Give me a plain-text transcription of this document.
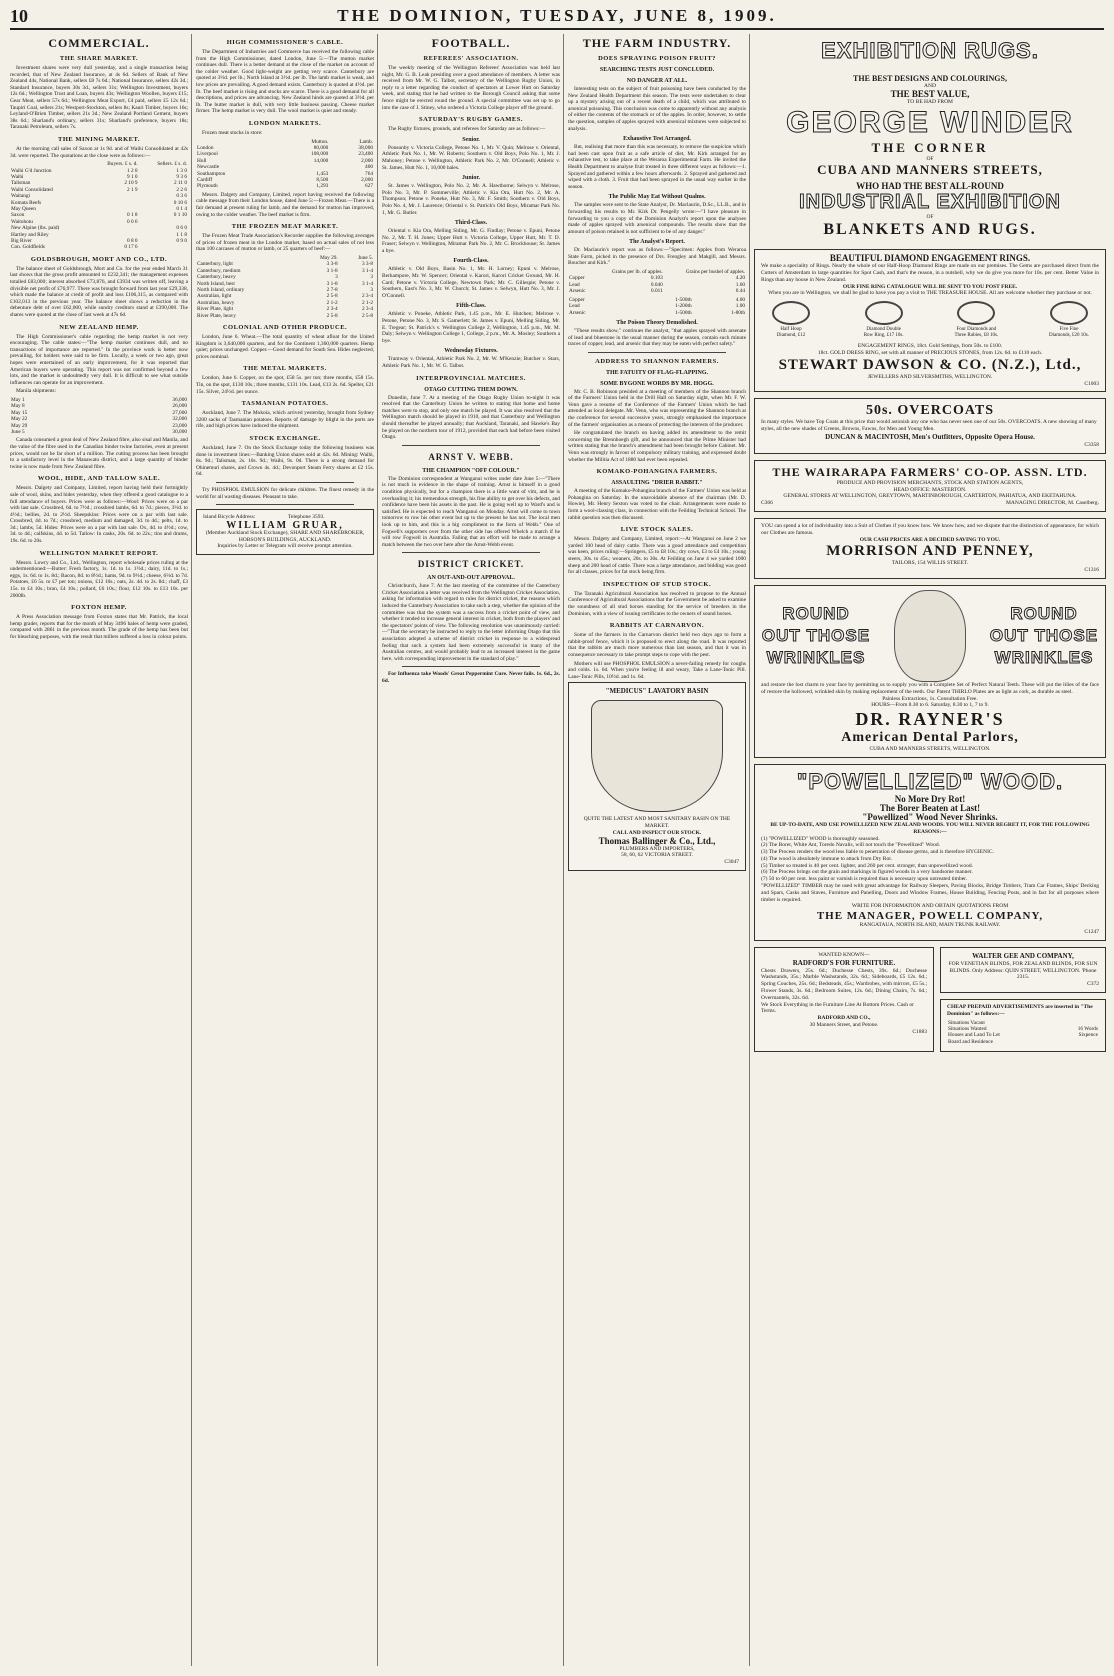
10	THE DOMINION, TUESDAY, JUNE 8, 1909.
COMMERCIAL.
THE SHARE MARKET.

Investment shares were very dull yesterday, and a single transaction being recorded, that of New Zealand Insurance, at 4s 6d. Sellers of Bank of New Zealand 44s, National Bank, sellers £8 7s 6d.; National Insurance, sellers 42s 3d.; Standard Insurance, buyers 30s 3d., sellers 31s; Wellington Investment, buyers 12s 6d.; Wellington Trust and Loan, buyers 43s; Wellington Woollen, buyers £15; Gear Meat, sellers 57s 6d.; Wellington Meat Export, £4 paid, sellers £5 12s 6d.; Taupiri Coal, sellers 21s; Westport-Stockton, sellers 8s; Kauri Timber, buyers 16s; Leyland-O'Brien Timber, sellers 21s 3d.; New Zealand Portland Cement, buyers 38s 6d.; Sharland's ordinary, sellers 31s; Sharland's preference, buyers 18s; Taranaki Petroleum, sellers 7s.

THE MINING MARKET.

At the morning call sales of Saxon at 1s 9d. and of Waihi Consolidated at 42s 3d. were reported. The quotations at the close were as follows:—

	Buyers. £ s. d.	Sellers. £ s. d.
Waihi G'd Junction	1 2 0	1 3 0
Waihi	9 1 0	9 3 6
Talisman	2 10 9	2 11 0
Waihi Consolidated	2 1 9	2 2 6
Waitangi		0 3 6
Komata Reefs		0 10 6
May Queen		0 1 4
Saxon	0 1 8	0 1 10
Waitohotu	0 0 6	
New Alpine (lbs. paid)		0 6 0
Hartley and Riley		1 1 8
Big River	0 8 0	0 9 0
Con. Goldfields	0 17 6	
GOLDSBROUGH, MORT AND CO., LTD.

The balance sheet of Goldsbrough, Mort and Co. for the year ended March 31 last shows that the gross profit amounted to £232,341; the management expenses totalled £83,000; interest absorbed £73,876, and £3934 was written off, leaving a divisible net profit of £76,977. There was brought forward from last year £29,338, which made the balance at credit of profit and loss £106,315, as compared with £102,013 in the previous year. The balance sheet shows a reduction in the debenture debt of over £62,000, while sundry creditors stand at £390,000. The shares were quoted at the close of last week at 47s 6d.

NEW ZEALAND HEMP.

The High Commissioner's cable regarding the hemp market is not very encouraging. The cable states:—"The hemp market continues dull, and no transactions of importance are reported." In the province work is better now prevailing, for holders were said to be firm. Locally, a week or two ago, great hopes were entertained of an early improvement, for it was reported that American buyers were operating. This report was not confirmed beyond a few lots, and the market is undoubtedly very dull. It is difficult to see what outside influences can operate for an improvement.

Manila shipments:

May 1	36,000
May 8	26,000
May 15	27,000
May 22	32,000
May 29	23,000
June 5	30,000

Canada consumed a great deal of New Zealand fibre, also sisal and Manila, and the value of the fibre used in the Canadian binder twine factories, even at present prices, would not be far short of a million. The cutting process has been brought to a satisfactory level in the Manawatu district, and a large quantity of binder twine is now made from New Zealand fibre.

WOOL, HIDE, AND TALLOW SALE.

Messrs. Dalgety and Company, Limited, report having held their fortnightly sale of wool, skins, and hides yesterday, when they offered a good catalogue to a full attendance of buyers. Prices were as follows:—Wool: Prices were on a par with last sale. Crossbred, 6d. to 7½d.; crossbred lambs, 6d. to 7d.; pieces, 3½d. to 4½d.; bellies, 2d. to 2½d. Sheepskins: Prices were on a par with last sale. Crossbred, 4d. to 7d.; crossbred, medium and damaged, 3d. to 4d.; pelts, 1d. to 3d.; lambs, 5d. Hides: Prices were on a par with last sale. Ox, 4d. to 4½d.; cow, 3d. to 4d.; calfskins, 4d. to 5d. Tallow: In casks, 20s. 6d. to 22s.; tins and drums, 19s. 6d. to 20s.

WELLINGTON MARKET REPORT.

Messrs. Lowry and Co., Ltd., Wellington, report wholesale prices ruling at the undermentioned:—Butter: Fresh factory, 1s. 1d. to 1s. 1½d.; dairy, 11d. to 1s.; eggs, 1s. 6d. to 1s. 8d.; Bacon, 8d. to 8½d.; hams, 9d. to 9½d.; cheese, 6½d. to 7d. Potatoes, £6 5s. to £7 per ton; onions, £12 10s.; oats, 2s. 4d. to 2s. 8d.; chaff, £3 15s. to £4 10s.; bran, £4 10s.; pollard, £6 10s.; flour, £12 10s. to £13 10s. per 2000lb.

FOXTON HEMP.

A Press Association message from Foxton states that Mr. Patrick, the local hemp grader, reports that for the month of May 3496 bales of hemp were graded, compared with 2861 in the previous month. The grade of the hemp has been but for bleaching purposes, with the result that millers suffered a loss in colour points.

HIGH COMMISSIONER'S CABLE.

The Department of Industries and Commerce has received the following cable from the High Commissioner, dated London, June 5:—The mutton market continues dull. There is a better demand at the close of the market on account of the colder weather. Good light-weight are getting very scarce. Canterbury are quoted at 3½d. per lb.; North Island at 3½d. per lb. The lamb market is weak, and low prices are prevailing. A good demand exists. Canterbury is quoted at 4½d. per lb. The beef market is rising and stocks are scarce. There is a good demand for all descriptions, and prices are advancing. New Zealand hinds are quoted at 3½d. per lb. The butter market is dull, with very little business passing. Cheese market firmer. The hemp market is very dull. The wool market is quiet and steady.

LONDON MARKETS.

Frozen meat stocks in store:

	Mutton.	Lamb.
London	80,000	38,000
Liverpool	108,000	23,400
Hull	14,000	2,000
Newcastle		400
Southampton	1,453	764
Cardiff	8,500	2,000
Plymouth	1,293	627

Messrs. Dalgety and Company, Limited, report having received the following cable message from their London house, dated June 5:—Frozen Meat.—There is a fair demand at present ruling for lamb, and the demand for mutton has improved, owing to the colder weather. The beef market is firm.

THE FROZEN MEAT MARKET.

The Frozen Meat Trade Association's Recorder supplies the following averages of prices of frozen meat in the London market, based on actual sales of not less than 100 carcases of mutton or lamb, or 25 quarters of beef:—

	May 29.	June 5.
Canterbury, light	3 3-8	3 3-8
Canterbury, medium	3 1-8	3 1-4
Canterbury, heavy	3	3
North Island, best	3 1-8	3 1-4
North Island, ordinary	2 7-8	3
Australian, light	2 5-8	2 3-4
Australian, heavy	2 1-2	2 1-2
River Plate, light	2 3-4	2 3-4
River Plate, heavy	2 5-8	2 5-8
COLONIAL AND OTHER PRODUCE.

London, June 6. Wheat.—The total quantity of wheat afloat for the United Kingdom is 3,640,000 quarters, and for the Continent 1,360,000 quarters. Hemp quiet; prices unchanged. Copper.—Good demand for South Sea. Hides neglected, prices nominal.

THE METAL MARKETS.

London, June 6. Copper, on the spot, £58 5s. per ton; three months, £58 15s. Tin, on the spot, £130 10s.; three months, £131 10s. Lead, £13 2s. 6d. Spelter, £21 15s. Silver, 24½d. per ounce.

TASMANIAN POTATOES.

Auckland, June 7. The Mokoia, which arrived yesterday, brought from Sydney 3200 sacks of Tasmanian potatoes. Reports of damage by blight in the ports are rife, and high prices have induced the shipment.

STOCK EXCHANGE.

Auckland, June 7. On the Stock Exchange today the following business was done in investment lines:—Banking Union shares sold at 42s. 6d. Mining: Waihi, 8s. 9d.; Talisman, 2s. 10s. 9d.; Waihi, 9s. 0d. There is a strong demand for Ohinemuri shares, and Crown 4s. 4d.; Devonport Steam Ferry shares at £2 15s. 6d.

Try PHOSPHOL EMULSION for delicate children. The finest remedy in the world for all wasting diseases. Pleasant to take.

Island Bicycle Address:	Telephone 3593.
WILLIAM GRUAR,
(Member Auckland Stock Exchange), SHARE AND SHAREBROKER, HOBSON'S BUILDINGS, AUCKLAND.
Inquiries by Letter or Telegram will receive prompt attention.
FOOTBALL.
REFEREES' ASSOCIATION.

The weekly meeting of the Wellington Referees' Association was held last night, Mr. G. B. Leak presiding over a good attendance of members. A letter was received from Mr. W. G. Talbot, secretary of the Wellington Rugby Union, in reply to a letter regarding the conduct of spectators at Lower Hutt on Saturday week, and stating that he had written to the Borough Council asking that some fence might be erected round the ground. A special committee was set up to go into the case of J. Stiney, who ordered a Victoria College player off the ground.

SATURDAY'S RUGBY GAMES.

The Rugby fixtures, grounds, and referees for Saturday are as follows:—

Senior.

Ponsonby v. Victoria College, Petone No. 1, Mr. V. Quin; Melrose v. Oriental, Athletic Park No. 1, Mr. W. Roberts; Southern v. Old Boys, Polo No. 1, Mr. J. Mahoney; Petone v. Wellington, Athletic Park No. 2, Mr. O'Connell; Athletic v. St. James, Hutt No. 1, 10,000 bales.

Junior.

St. James v. Wellington, Polo No. 2, Mr. A. Hawthorne; Selwyn v. Melrose, Polo No. 3, Mr. P. Sommerville; Athletic v. Kia Ora, Hutt No. 2, Mr. A. Thompson; Petone v. Poneke, Hutt No. 3, Mr. F. Smith; Southern v. Old Boys, Polo No. 4, Mr. J. Laurence; Oriental v. St. Patrick's Old Boys, Miramar Park No. 1, Mr. G. Butler.

Third-Class.

Oriental v. Kia Ora, Melling Siding, Mr. G. Findlay; Petone v. Epuni, Petone No. 2, Mr. T. H. Jones; Upper Hutt v. Victoria College, Upper Hutt, Mr. T. D. Fraser; Selwyn v. Wellington, Miramar Park No. 2, Mr. C. Brockhouse; St. James a bye.

Fourth-Class.

Athletic v. Old Boys, Basin No. 1, Mr. H. Lorney; Epuni v. Melrose, Berhampore, Mr. W. Spencer; Oriental v. Karori, Karori Cricket Ground, Mr. H. Card; Petone v. Victoria College, Newtown Park; Mr. C. Gillespie; Petone v. Southern, East's No. 3, Mr. W. Church; St. James v. Selwyn, Hutt No. 3, Mr. J. O'Connell.

Fifth-Class.

Athletic v. Poneke, Athletic Park, 1.45 p.m., Mr. E. Hutchen; Melrose v. Petone, Petone No. 3, Mr. S. Gamerlett; St. James v. Epuni, Melling Siding, Mr. E. Tregear; St. Patrick's v. Wellington College 2, Wellington, 1.45 p.m., Mr. M. Daly; Selwyn v. Wellington College 1, College, 2 p.m., Mr. A. Mosley; Southern a bye.

Wednesday Fixtures.

Tramway v. Oriental, Athletic Park No. 2, Mr. W. M'Kenzie; Butcher v. Stars, Athletic Park No. 1, Mr. W. G. Talbot.

INTERPROVINCIAL MATCHES.
OTAGO CUTTING THEM DOWN.

Dunedin, June 7. At a meeting of the Otago Rugby Union to-night it was resolved that the Canterbury Union be written to stating that home and home matches were to stop, and only one match be played. It was also resolved that the Wellington match should be played in 1910, and that Canterbury and Wellington should thereafter be played annually; that Auckland, Taranaki, and Hawke's Bay be played on the northern tour of 1912, provided that each had before been visited Otago.

ARNST V. WEBB.
THE CHAMPION "OFF COLOUR."

The Dominion correspondent at Wanganui writes under date June 5:—"There is not much in evidence in the shape of training. Arnst is himself in a good condition physically, but for a champion there is a little want of vim, and he is overhauling it; his tremendous strength, his fine ability to get over his defects, and confidence have been his assets in the past. He is going well up to Ward's and is satisfied. He is expected to reach Wanganui on Monday. Arnst will come to town tomorrow to row his other event but up to the present he has not. The local men look up to him, and this is a big compliment to the form of Webb." One of Fogwell's supporters over from the other side has offered Whelch a match if he will row Fogwell in Australia. Failing that an effort will be made to arrange a match between the two over here after the Arnst-Webb event.

DISTRICT CRICKET.
AN OUT-AND-OUT APPROVAL.

Christchurch, June 7. At the last meeting of the committee of the Canterbury Cricket Association a letter was received from the Wellington Cricket Association, asking for information with regard to rules for district cricket, the reasons which induced the Canterbury Association to take such a step, whether the opinion of the committee was that the system was a success from a cricket point of view, and whether it tended to increase general interest in cricket, both from the players' and the spectators' points of view. The following resolution was unanimously carried:—"That the secretary be instructed to reply to the letter informing Otago that this association adopted a scheme of district cricket in response to a widespread feeling that such a system had been extremely successful in many of the Australian centres, and would probably lead to an increased interest in the game here, with corresponding improvement in the standard of play."

For Influenza take Woods' Great Peppermint Cure. Never fails. 1s. 6d., 2s. 6d.

THE FARM INDUSTRY.
DOES SPRAYING POISON FRUIT?
SEARCHING TESTS JUST CONCLUDED.
NO DANGER AT ALL.

Interesting tests on the subject of fruit poisoning have been conducted by the New Zealand Health Department this season. The tests were undertaken to clear up a mystery arising out of a recent death of a child, which was attributed to arsenical poisoning. This conclusion was come to apparently without any analysis of either the contents of the stomach or of the apples. In order, however, to settle the question, samples of apples sprayed with arsenical mixtures were subjected to analysis.

Exhaustive Test Arranged.

But, realising that more than this was necessary, to remove the suspicion which had been cast upon fruit as a safe article of diet, Mr. Kirk arranged for an exhaustive test, to take place at the Weraroa Experimental Farm. He invited the Health Department to analyse fruit treated in three different ways as follows:—1. Sprayed and gathered within a few hours afterwards. 2. Sprayed and gathered and wiped with a cloth. 3. Fruit that had been sprayed in the usual way earlier in the season.

The Public May Eat Without Qualms.

The samples were sent to the State Analyst, Dr. Maclaurin, D.Sc., LL.B., and in forwarding his results to Mr. Kirk Dr. Pengelly wrote:—"I have pleasure in forwarding to you a copy of the Dominion Analyst's report upon the analyses made of apples sprayed with arsenical compounds. The results show that the amount of poison retained is not sufficient to be of any danger."

The Analyst's Report.

Dr. Maclaurin's report was as follows:—"Specimen: Apples from Weraroa State Farm, picked in the presence of Drs. Frengley and Makgill, and Messrs. Boucher and Kirk."

	Grains per lb. of apples.	Grains per bushel of apples.
Copper	0.103	4.20
Lead	0.040	1.60
Arsenic	0.011	0.44
Copper	1-500th	4.00
Lead	1-200th	1.00
Arsenic	1-500th	1-80th
The Poison Theory Demolished.

"These results show," continues the analyst, "that apples sprayed with arsenate of lead and bluestone in the usual manner during the season, contain such minute traces of copper, lead, and arsenic that they may be eaten with perfect safety."

ADDRESS TO SHANNON FARMERS.
THE FATUITY OF FLAG-FLAPPING.
SOME BYGONE WORDS BY MR. HOGG.

Mr. C. B. Robinson presided at a meeting of members of the Shannon branch of the Farmers' Union held in the Drill Hall on Saturday night, when Mr. F. W. Venn gave a resume of the Conference of the Farmers' Union which he had attended as local delegate. Mr. Venn, who was representing the Shannon branch at the conference for several successive years, strongly emphasised the importance of the farmers' organisation as a means of protecting the interests of the producer.

He congratulated the branch on having added its amendment to the remit concerning the Brennhoegh gift, and he announced that the Prime Minister had written stating that the branch's amendment had been brought before Cabinet. Mr. Venn was strongly in favour of compulsory military training, and expressed doubt whether the Militia Act of 1880 had ever been repealed.

KOMAKO-POHANGINA FARMERS.
ASSAULTING "DRIER RABBIT."

A meeting of the Komako-Pohangina branch of the Farmers' Union was held at Pohangina on Saturday. In the unavoidable absence of the chairman (Mr. D. Howie), Mr. Henry Sexton was voted to the chair. Arrangements were made to form a wool-classing class, in connection with the Feilding Technical School. The rabbit question was then discussed.

LIVE STOCK SALES.

Messrs. Dalgety and Company, Limited, report:—At Wanganui on June 2 we yarded 100 head of dairy cattle. There was a good attendance and competition was keen, prices ruling:—Springers, £5 to £8 10s.; dry cows, £3 to £4 10s.; young steers, 30s. to 45s.; weaners, 20s. to 30s. At Feilding on June 4 we yarded 1000 sheep and 200 head of cattle. There was a large attendance, and bidding was good for all classes, prices for fat stock being firm.

INSPECTION OF STUD STOCK.

The Taranaki Agricultural Association has resolved to propose to the Annual Conference of Agricultural Associations that the Government be asked to examine the soundness of all stud horses standing for the service of breeders in the Dominion, with a view of issuing certificates to the owners of sound horses.

RABBITS AT CARNARVON.

Some of the farmers in the Carnarvon district held two days ago to form a rabbit-proof fence, which it is proposed to erect along the road. It was reported that the rabbits are much more numerous than last season, and that it was in consequence necessary to take prompt steps to cope with the pest.

Mothers will use PHOSPHOL EMULSION a never-failing remedy for coughs and colds. 1s. 6d. When you're feeling ill and weary, Take a Lane-Tonic Pill. Lane-Tonic Pills, 10½d. and 1s. 6d.

"MEDICUS" LAVATORY BASIN
QUITE THE LATEST AND MOST SANITARY BASIN ON THE MARKET.
CALL AND INSPECT OUR STOCK.
Thomas Ballinger & Co., Ltd.,
PLUMBERS AND IMPORTERS,
58, 60, 62 VICTORIA STREET.
C3047
EXHIBITION RUGS.
THE BEST DESIGNS AND COLOURINGS,
AND
THE BEST VALUE,
TO BE HAD FROM
GEORGE WINDER
THE CORNER
OF
CUBA AND MANNERS STREETS,
WHO HAD THE BEST ALL-ROUND
INDUSTRIAL EXHIBITION
OF
BLANKETS AND RUGS.
BEAUTIFUL DIAMOND ENGAGEMENT RINGS.
We make a speciality of Rings. Nearly the whole of our Half-Hoop Diamond Rings are made on our premises. The Gems are purchased direct from the Cutters of Amsterdam in large quantities for Spot Cash, and that's the reason, in a nutshell, why we do give you more for 10s. per cent. Better Value in Rings than any house in New Zealand.
OUR FINE RING CATALOGUE WILL BE SENT TO YOU POST FREE.
When you are in Wellington, we shall be glad to have you pay a visit to THE TREASURE HOUSE. All are welcome whether they purchase or not.
Half Hoop
Diamond, £12
Diamond Double
Row Ring, £17 10s.
Four Diamonds and
Three Rubies, £8 10s.
Five Fine
Diamonds, £20 10s.
ENGAGEMENT RINGS, 18ct. Gold Settings, from 50s. to £100.
18ct. GOLD DRESS RING, set with all manner of PRECIOUS STONES, from 12s. 6d. to £110 each.
STEWART DAWSON & CO. (N.Z.), Ltd.,
JEWELLERS AND SILVERSMITHS, WELLINGTON.
C1003
50s. OVERCOATS
In many styles. We have Top Coats at this price that would astonish any one who has never seen one of our 50s. OVERCOATS. A new showing of many styles, all the new shades of Greens, Browns, Fawns, for Men and Young Men.
DUNCAN & MACINTOSH, Men's Outfitters, Opposite Opera House.
C3358
THE WAIRARAPA FARMERS' CO-OP. ASSN. LTD.
PRODUCE AND PROVISION MERCHANTS, STOCK AND STATION AGENTS,
HEAD OFFICE: MASTERTON.
GENERAL STORES AT WELLINGTON, GREYTOWN, MARTINBOROUGH, CARTERTON, PAHIATUA, AND EKETAHUNA.
C366	MANAGING DIRECTOR, M. Caselberg.
YOU can spend a lot of individuality into a Suit of Clothes if you know how. We know how, and we dispute that the distinction of appearance, for which our Clothes are famous.
OUR CASH PRICES ARE A DECIDED SAVING TO YOU.
MORRISON AND PENNEY,
TAILORS, 154 WILLIS STREET.
C1316
ROUND OUT THOSE WRINKLES
ROUND OUT THOSE WRINKLES
and restore the lost charm to your face by permitting us to supply you with a Complete Set of Perfect Natural Teeth. These will put the lilies of the face of restore the hollowed, wrinkled skin by making replacement of the teeth. Our Patent THIRLO Plates are as light as cork, as durable as steel.
Painless Extractions, 1s. Consultation Free.
HOURS—From 8.30 to 6. Saturday, 8.30 to 1, 7 to 9.
DR. RAYNER'S
American Dental Parlors,
CUBA AND MANNERS STREETS, WELLINGTON.
"POWELLIZED" WOOD.
No More Dry Rot!
The Borer Beaten at Last!
"Powellized" Wood Never Shrinks.
BE UP-TO-DATE, AND USE POWELLIZED NEW ZEALAND WOODS. YOU WILL NEVER REGRET IT, FOR THE FOLLOWING REASONS:—
(1) "POWELLIZED" WOOD is thoroughly seasoned.
(2) The Borer, White Ant, Toredo Navalis, will not touch the "Powellized" Wood.
(3) The Process renders the wood less liable to penetration of disease germs, and is therefore HYGIENIC.
(4) The wood is absolutely immune to attack from Dry Rot.
(5) Timber so treated is 40 per cent. lighter, and 260 per cent. stronger, than unpowellized wood.
(6) The Process brings out the grain and markings in figured woods in a very handsome manner.
(7) 50 to 60 per cent. less paint or varnish is required than is necessary upon untreated timber.
"POWELLIZED" TIMBER may be used with great advantage for Railway Sleepers, Paving Blocks, Bridge Timbers, Tram Car Frames, Ships' Decking and Spars, Casks and Staves, Furniture and Panelling, Doors and Window Frames, House Building, Fencing Posts, and in fact for all purposes where timber is required.
WRITE FOR INFORMATION AND OBTAIN QUOTATIONS FROM
THE MANAGER, POWELL COMPANY,
RANGATAUA, NORTH ISLAND, MAIN TRUNK RAILWAY.
C1247
WANTED KNOWN—
RADFORD'S FOR FURNITURE.
Chests Drawers, 25s. 6d.; Duchesse Chests, 39s. 6d.; Duchesse Washstands, 35s.; Marble Washstands, 32s. 6d.; Sideboards, £5 12s. 6d.; Spring Couches, 25s. 6d.; Bedsteads, 45s.; Wardrobes, with mirrors, £5 5s.; Flower Stands, 3s. 6d.; Bedroom Suites, 12s. 6d.; Dining Chairs, 7s. 6d.; Overmantels, 32s. 6d.
We Stock Everything in the Furniture Line At Bottom Prices. Cash or Terms.
RADFORD AND CO.,
30 Manners Street, and Petone.
C1883
WALTER GEE AND COMPANY,
FOR VENETIAN BLINDS, FOR ZEALAND BLINDS, FOR SUN BLINDS. Only Address: QUIN STREET, WELLINGTON. 'Phone 2315.
C372
CHEAP PREPAID ADVERTISEMENTS are inserted in "The Dominion" as follows:—
Situations Vacant	
Situations Wanted	16 Words
Houses and Land To Let	Sixpence
Board and Residence	
